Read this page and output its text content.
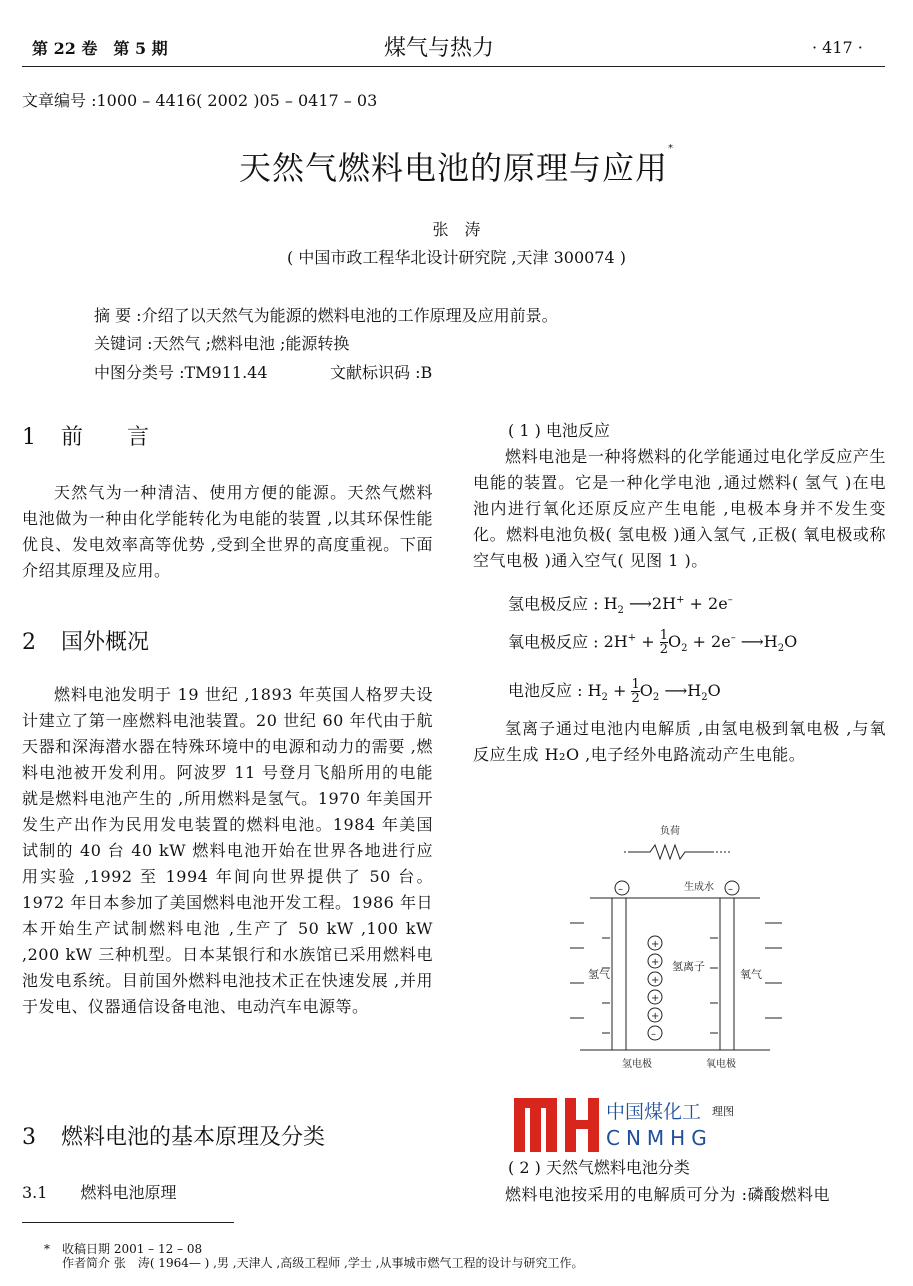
第 22 卷　第 5 期	煤气与热力	· 417 ·
文章编号 :1000 – 4416( 2002 )05 – 0417 – 03
天然气燃料电池的原理与应用*
张　涛
( 中国市政工程华北设计研究院 ,天津 300074 )
摘 要 :介绍了以天然气为能源的燃料电池的工作原理及应用前景。
关键词 :天然气 ;燃料电池 ;能源转换
中图分类号 :TM911.44	文献标识码 :B
1 前　　言
天然气为一种清洁、使用方便的能源。天然气燃料电池做为一种由化学能转化为电能的装置 ,以其环保性能优良、发电效率高等优势 ,受到全世界的高度重视。下面介绍其原理及应用。
2 国外概况
燃料电池发明于 19 世纪 ,1893 年英国人格罗夫设计建立了第一座燃料电池装置。20 世纪 60 年代由于航天器和深海潜水器在特殊环境中的电源和动力的需要 ,燃料电池被开发利用。阿波罗 11 号登月飞船所用的电能就是燃料电池产生的 ,所用燃料是氢气。1970 年美国开发生产出作为民用发电装置的燃料电池。1984 年美国试制的 40 台 40 kW 燃料电池开始在世界各地进行应用实验 ,1992 至 1994 年间向世界提供了 50 台。1972 年日本参加了美国燃料电池开发工程。1986 年日本开始生产试制燃料电池 ,生产了 50 kW ,100 kW ,200 kW 三种机型。日本某银行和水族馆已采用燃料电池发电系统。目前国外燃料电池技术正在快速发展 ,并用于发电、仪器通信设备电池、电动汽车电源等。
3 燃料电池的基本原理及分类
3.1 燃料电池原理
( 1 ) 电池反应
燃料电池是一种将燃料的化学能通过电化学反应产生电能的装置。它是一种化学电池 ,通过燃料( 氢气 )在电池内进行氧化还原反应产生电能 ,电极本身并不发生变化。燃料电池负极( 氢电极 )通入氢气 ,正极( 氧电极或称空气电极 )通入空气( 见图 1 )。
氢电极反应 : $H_2$ ⟶2H+ + 2e–
氧电极反应 : $2H^+ + \frac{1}{2} O_2 + 2e^-$ $⟶H_2O$
电池反应 : $H_2 + \frac{1}{2} O_2$ $⟶H_2O$
氢离子通过电池内电解质 ,由氢电极到氧电极 ,与氧反应生成 H₂O ,电子经外电路流动产生电能。
负荷
–	–
生成水
+
+
+
+
+
–
氢气
氢离子
氧气
氢电极	氧电极
中国煤化工 理图
CNMHG
( 2 ) 天然气燃料电池分类
燃料电池按采用的电解质可分为 :磷酸燃料电
*　收稿日期 2001 – 12 – 08
作者简介 张　涛( 1964— ) ,男 ,天津人 ,高级工程师 ,学士 ,从事城市燃气工程的设计与研究工作。
